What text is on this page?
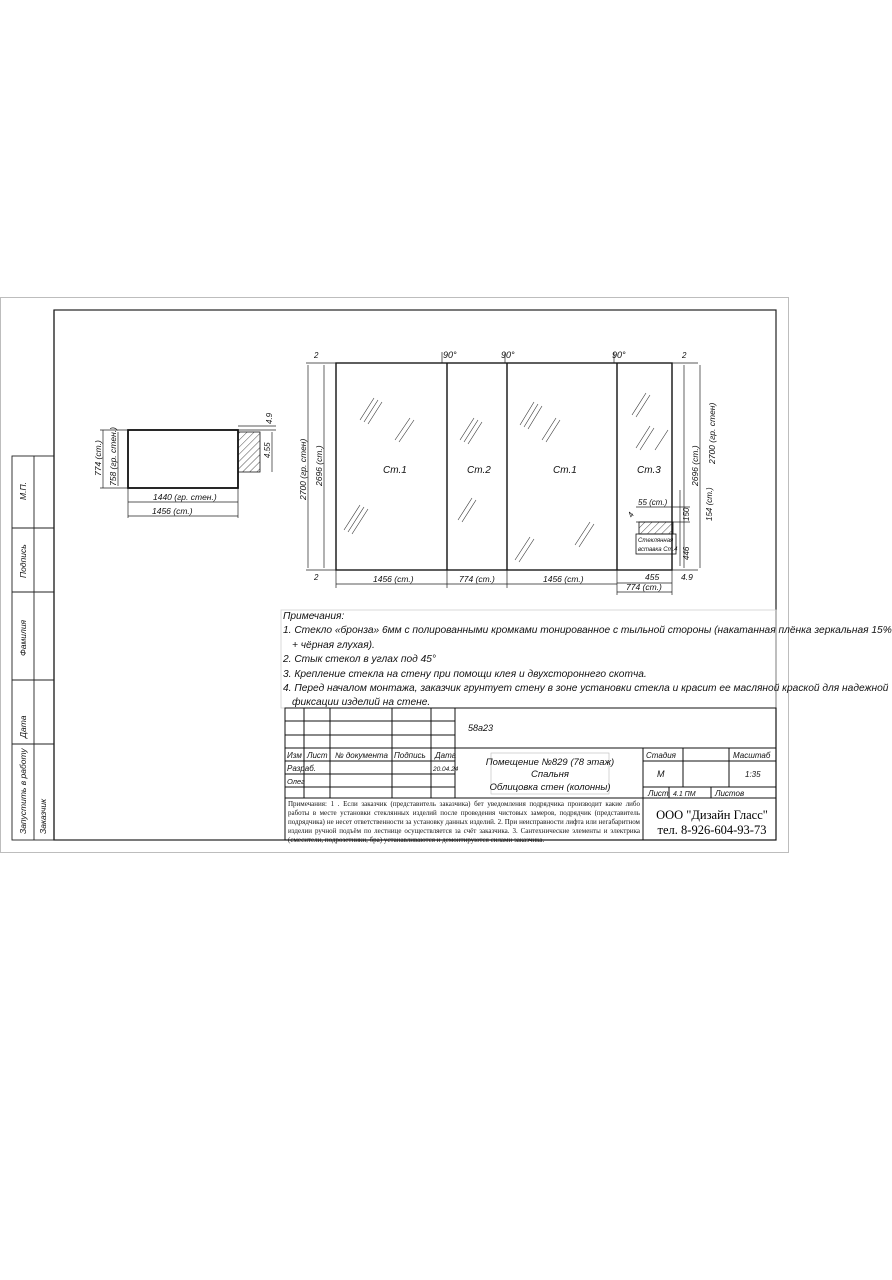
М.П.
Подпись
Фамилия
Дата
Запустить в работу Заказчик
4.9
4.55
774 (ст.) 758 (гр. стен.)
1440 (гр. стен.)
1456 (ст.)
Стеклянная
вставка Ст.4
2	2
2
90°	90°	90°
2700 (гр. стен) 2696 (ст.)	2696 (ст.)
2700 (гр. стен)
Ст.1	Ст.2	Ст.1	Ст.3
1456 (ст.)	774 (ст.)	1456 (ст.)	455	4.9
774 (ст.)
55 (ст.)
150 154 (ст.)
446
4
58a23
Изм Лист № документа Подпись Дата
Разраб.
Олег
20.04.24
Стадия	Масштаб
М	1:35
Лист 4.1 ПМ Листов
Помещение №829 (78 этаж)
Спальня
Облицовка стен (колонны)
Примечания:
1. Стекло «бронза» 6мм с полированными кромками тонированное с тыльной стороны (накатанная плёнка зеркальная 15%
+ чёрная глухая).
2. Стык стекол в углах под 45°
3. Крепление стекла на стену при помощи клея и двухстороннего скотча.
4. Перед началом монтажа, заказчик грунтует стену в зоне установки стекла и красит ее масляной краской для надежной
фиксации изделий на стене.
Примечания: 1 . Если заказчик (представитель заказчика) бет уведомления подрядчика производит какие либо работы в месте установки стеклянных изделий после проведения чистовых замеров, подрядчик (представитель подрядчика) не несет ответственности за установку данных изделий. 2. При неисправности лифта или негабаритном изделии ручной подъём по лестнице осуществляется за счёт заказчика. 3. Сантехнические элементы и электрика (смесители, подрозетники, бра) устанавливаются и демонтируются силами заказчика.
ООО "Дизайн Гласс"
тел. 8-926-604-93-73
